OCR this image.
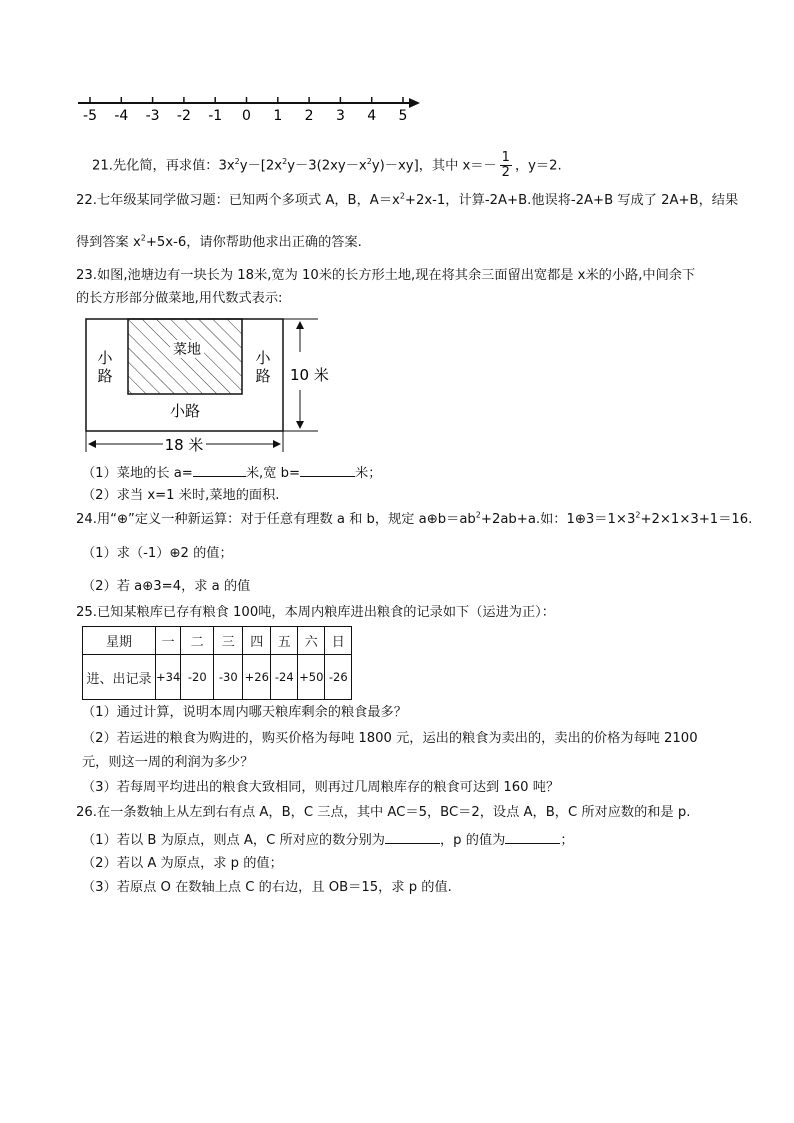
-5 -4 -3 -2 -1 0 1 2 3 4 5
21.先化简，再求值：$3x^2y-[2x^2y-3(2xy-x^2y)-xy]$，其中 $x=- \frac{1}{2}$ ，y＝2.
22.七年级某同学做习题：已知两个多项式 A，B，$A=x^2+2x-1$，计算-2A+B.他误将-2A+B 写成了 2A+B，结果
得到答案 $x^2+5x-6$，请你帮助他求出正确的答案.
23.如图,池塘边有一块长为 18米,宽为 10米的长方形土地,现在将其余三面留出宽都是 x米的小路,中间余下
的长方形部分做菜地,用代数式表示:
菜地
小
路
小
路
小路
10 米
18 米
（1）菜地的长 a=	米,宽 b=	米；
（2）求当 x=1 米时,菜地的面积.
24.用“⊕”定义一种新运算：对于任意有理数 a 和 b，规定 $a\oplus b=ab^2+2ab+a$.如：$1\oplus 3=1\times 3^2+2\times 1\times 3+1=16$.
（1）求（-1）⊕2 的值；
（2）若 a⊕3=4，求 a 的值
25.已知某粮库已存有粮食 100吨，本周内粮库进出粮食的记录如下（运进为正）：
星期	一	二	三	四	五	六	日
进、出记录	+34	-20	-30	+26	-24	+50	-26
（1）通过计算，说明本周内哪天粮库剩余的粮食最多？
（2）若运进的粮食为购进的，购买价格为每吨 1800 元，运出的粮食为卖出的，卖出的价格为每吨 2100
元，则这一周的利润为多少？
（3）若每周平均进出的粮食大致相同，则再过几周粮库存的粮食可达到 160 吨？
26.在一条数轴上从左到右有点 A，B，C 三点，其中 AC＝5，BC＝2，设点 A，B，C 所对应数的和是 p.
（1）若以 B 为原点，则点 A，C 所对应的数分别为	，p 的值为	；
（2）若以 A 为原点，求 p 的值；
（3）若原点 O 在数轴上点 C 的右边，且 OB＝15，求 p 的值.
